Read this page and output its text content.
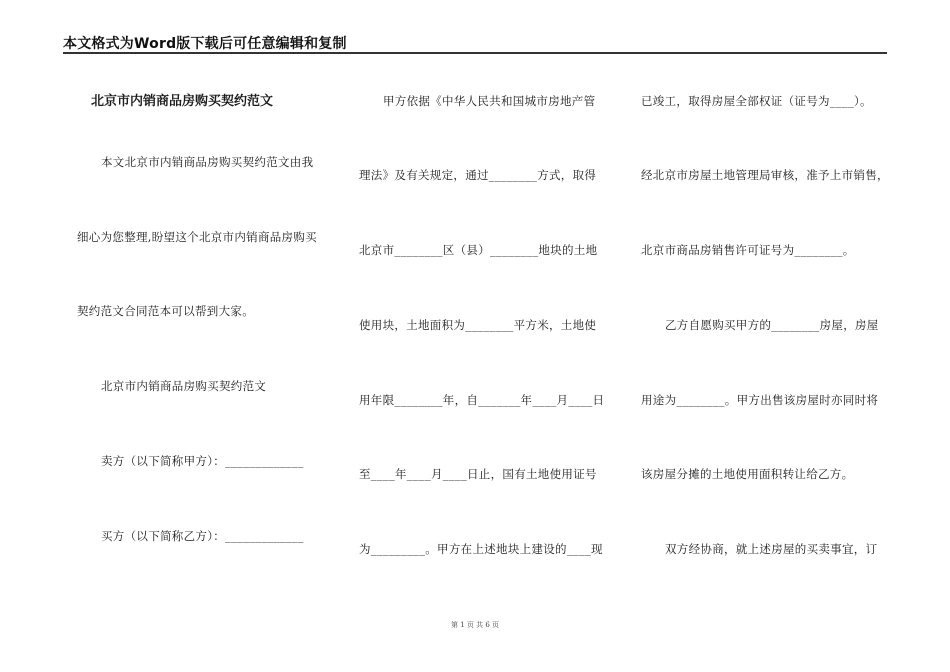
本文格式为Word版下载后可任意编辑和复制
北京市内销商品房购买契约范文
本文北京市内销商品房购买契约范文由我
细心为您整理,盼望这个北京市内销商品房购买
契约范文合同范本可以帮到大家。
北京市内销商品房购买契约范文
卖方（以下简称甲方）：_____________
买方（以下简称乙方）：_____________
甲方依据《中华人民共和国城市房地产管
理法》及有关规定，通过________方式，取得
北京市________区（县）________地块的土地
使用块，土地面积为________平方米，土地使
用年限________年，自_______年____月____日
至____年____月____日止，国有土地使用证号
为_________。甲方在上述地块上建设的____现
已竣工，取得房屋全部权证（证号为____）。
经北京市房屋土地管理局审核，准予上市销售，
北京市商品房销售许可证号为________。
乙方自愿购买甲方的________房屋，房屋
用途为________。甲方出售该房屋时亦同时将
该房屋分摊的土地使用面积转让给乙方。
双方经协商，就上述房屋的买卖事宜，订
第 1 页 共 6 页
